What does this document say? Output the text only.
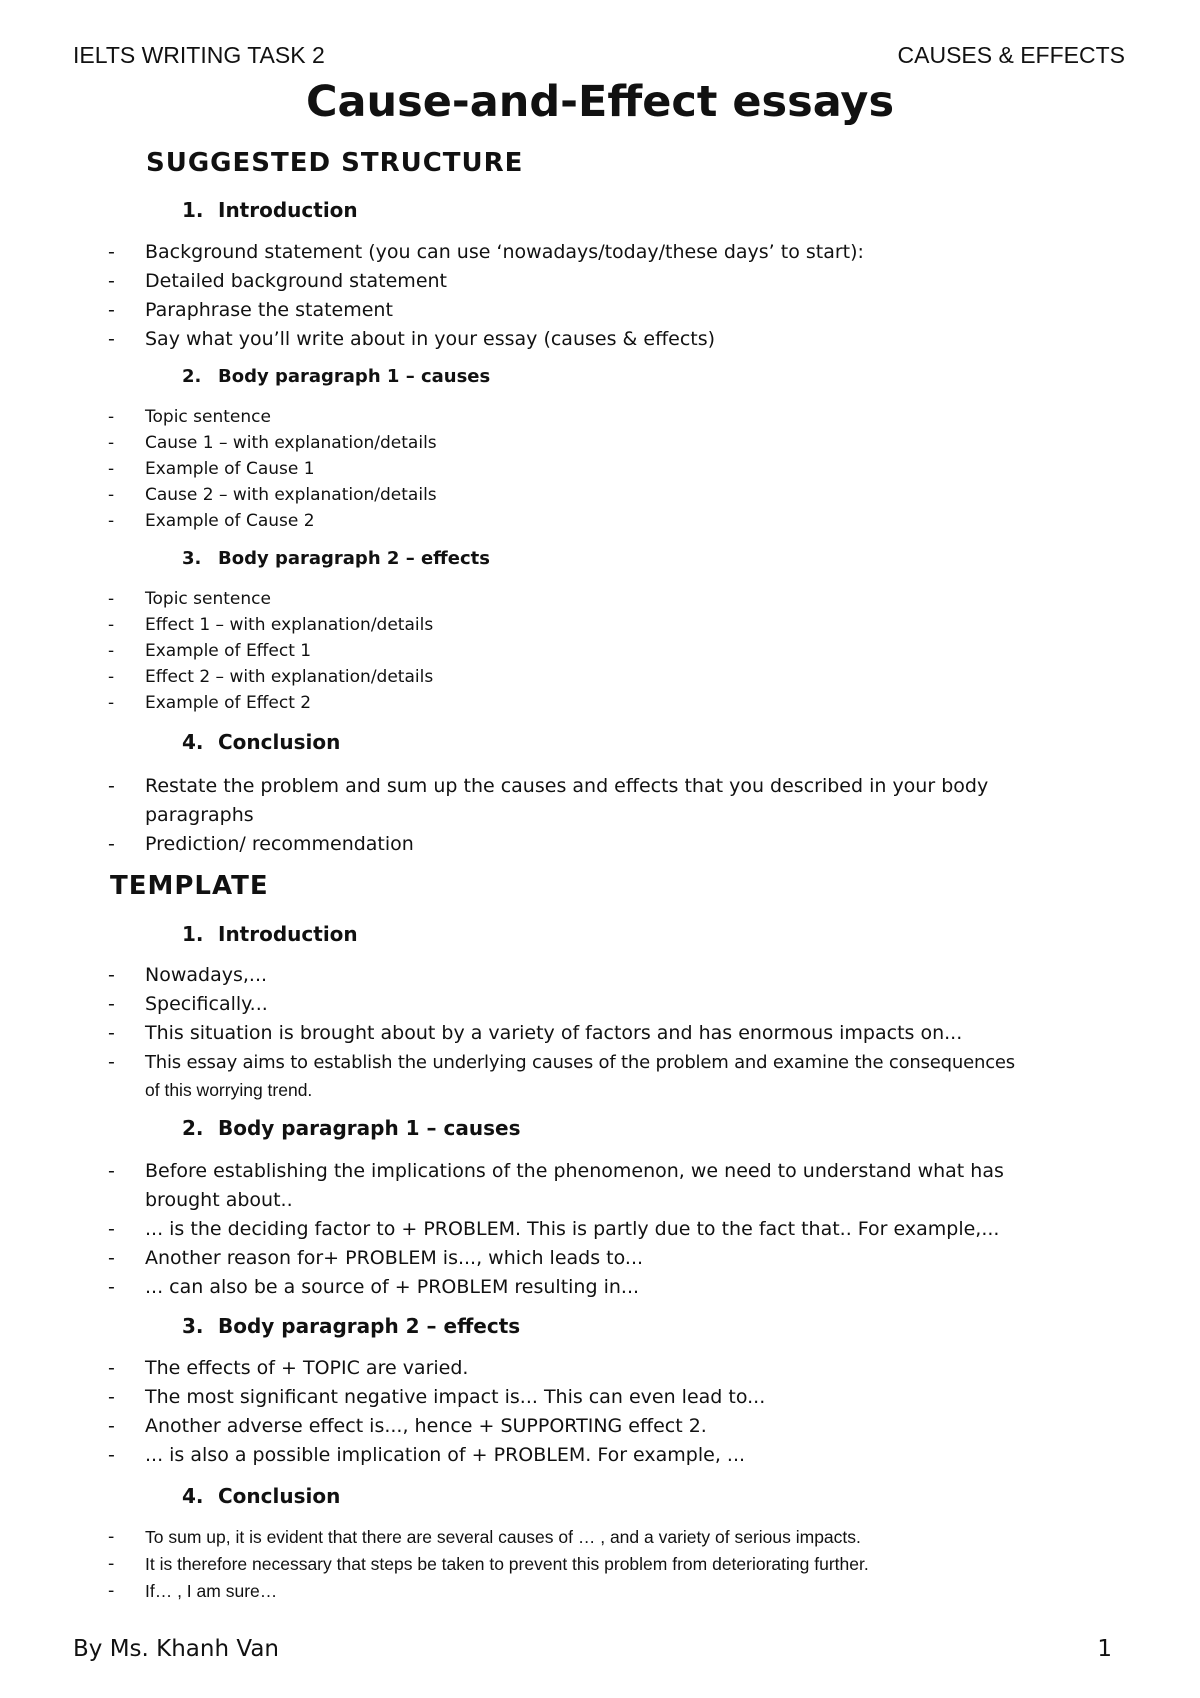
IELTS WRITING TASK 2	CAUSES & EFFECTS
Cause-and-Effect essays
SUGGESTED STRUCTURE
1. Introduction
- Background statement (you can use ‘nowadays/today/these days’ to start):
- Detailed background statement
- Paraphrase the statement
- Say what you’ll write about in your essay (causes & effects)
2. Body paragraph 1 – causes
- Topic sentence
- Cause 1 – with explanation/details
- Example of Cause 1
- Cause 2 – with explanation/details
- Example of Cause 2
3. Body paragraph 2 – effects
- Topic sentence
- Effect 1 – with explanation/details
- Example of Effect 1
- Effect 2 – with explanation/details
- Example of Effect 2
4. Conclusion
- Restate the problem and sum up the causes and effects that you described in your body
paragraphs
- Prediction/ recommendation
TEMPLATE
1. Introduction
- Nowadays,...
- Specifically...
- This situation is brought about by a variety of factors and has enormous impacts on...
- This essay aims to establish the underlying causes of the problem and examine the consequences
of this worrying trend.
2. Body paragraph 1 – causes
- Before establishing the implications of the phenomenon, we need to understand what has
brought about..
- ... is the deciding factor to + PROBLEM. This is partly due to the fact that.. For example,...
- Another reason for+ PROBLEM is..., which leads to...
- ... can also be a source of + PROBLEM resulting in...
3. Body paragraph 2 – effects
- The effects of + TOPIC are varied.
- The most significant negative impact is... This can even lead to...
- Another adverse effect is..., hence + SUPPORTING effect 2.
- ... is also a possible implication of + PROBLEM. For example, ...
4. Conclusion
- To sum up, it is evident that there are several causes of … , and a variety of serious impacts.
- It is therefore necessary that steps be taken to prevent this problem from deteriorating further.
- If… , I am sure…
By Ms. Khanh Van	1
